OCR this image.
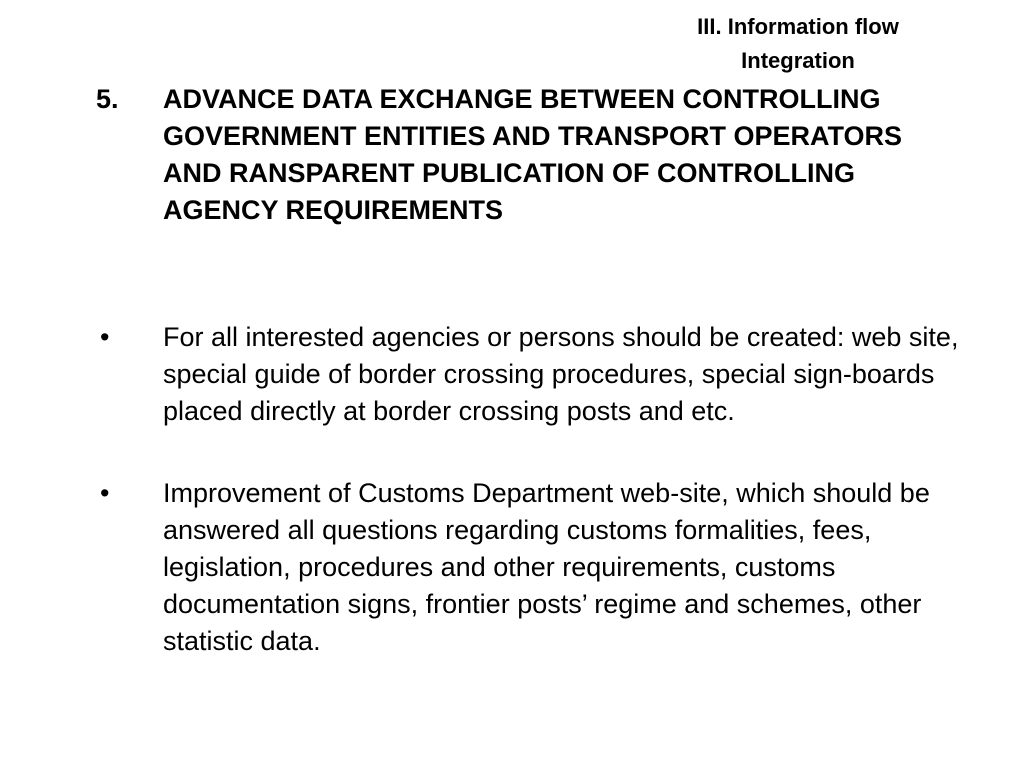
III. Information flow
Integration
5. ADVANCE DATA EXCHANGE BETWEEN CONTROLLING GOVERNMENT ENTITIES AND TRANSPORT OPERATORS AND RANSPARENT PUBLICATION OF CONTROLLING AGENCY REQUIREMENTS
• For all interested agencies or persons should be created: web site, special guide of border crossing procedures, special sign-boards placed directly at border crossing posts and etc.
• Improvement of Customs Department web-site, which should be answered all questions regarding customs formalities, fees, legislation, procedures and other requirements, customs documentation signs, frontier posts’ regime and schemes, other statistic data.
